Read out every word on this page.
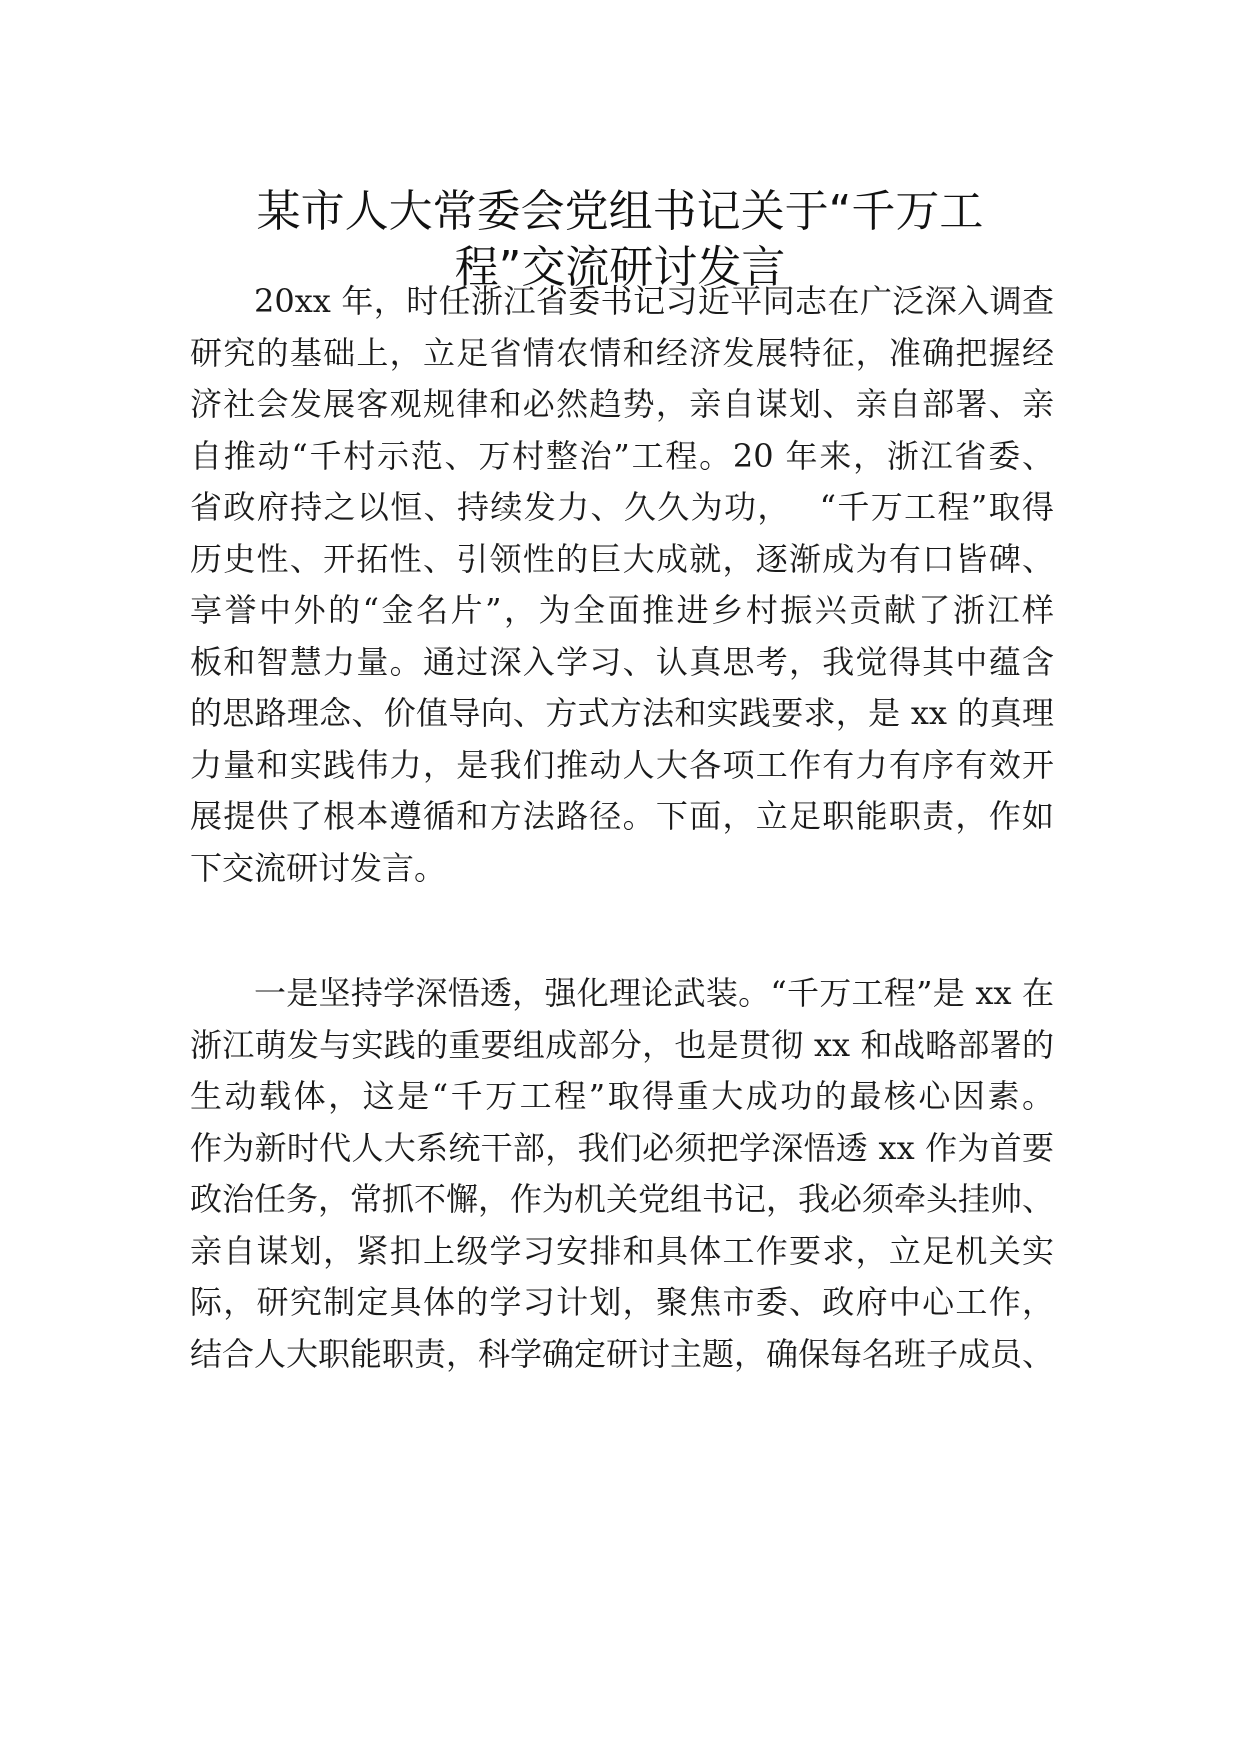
某市人大常委会党组书记关于“千万工
程”交流研讨发言
20xx 年，时任浙江省委书记习近平同志在广泛深入调查
研究的基础上，立足省情农情和经济发展特征，准确把握经
济社会发展客观规律和必然趋势，亲自谋划、亲自部署、亲
自推动“千村示范、万村整治”工程。20 年来，浙江省委、
省政府持之以恒、持续发力、久久为功，　 “千万工程”取得
历史性、开拓性、引领性的巨大成就，逐渐成为有口皆碑、
享誉中外的“金名片”，为全面推进乡村振兴贡献了浙江样
板和智慧力量。通过深入学习、认真思考，我觉得其中蕴含
的思路理念、价值导向、方式方法和实践要求，是 xx 的真理
力量和实践伟力，是我们推动人大各项工作有力有序有效开
展提供了根本遵循和方法路径。下面，立足职能职责，作如
下交流研讨发言。
一是坚持学深悟透，强化理论武装。“千万工程”是 xx 在
浙江萌发与实践的重要组成部分，也是贯彻 xx 和战略部署的
生动载体，这是“千万工程”取得重大成功的最核心因素。
作为新时代人大系统干部，我们必须把学深悟透 xx 作为首要
政治任务，常抓不懈，作为机关党组书记，我必须牵头挂帅、
亲自谋划，紧扣上级学习安排和具体工作要求，立足机关实
际，研究制定具体的学习计划，聚焦市委、政府中心工作，
结合人大职能职责，科学确定研讨主题，确保每名班子成员、
